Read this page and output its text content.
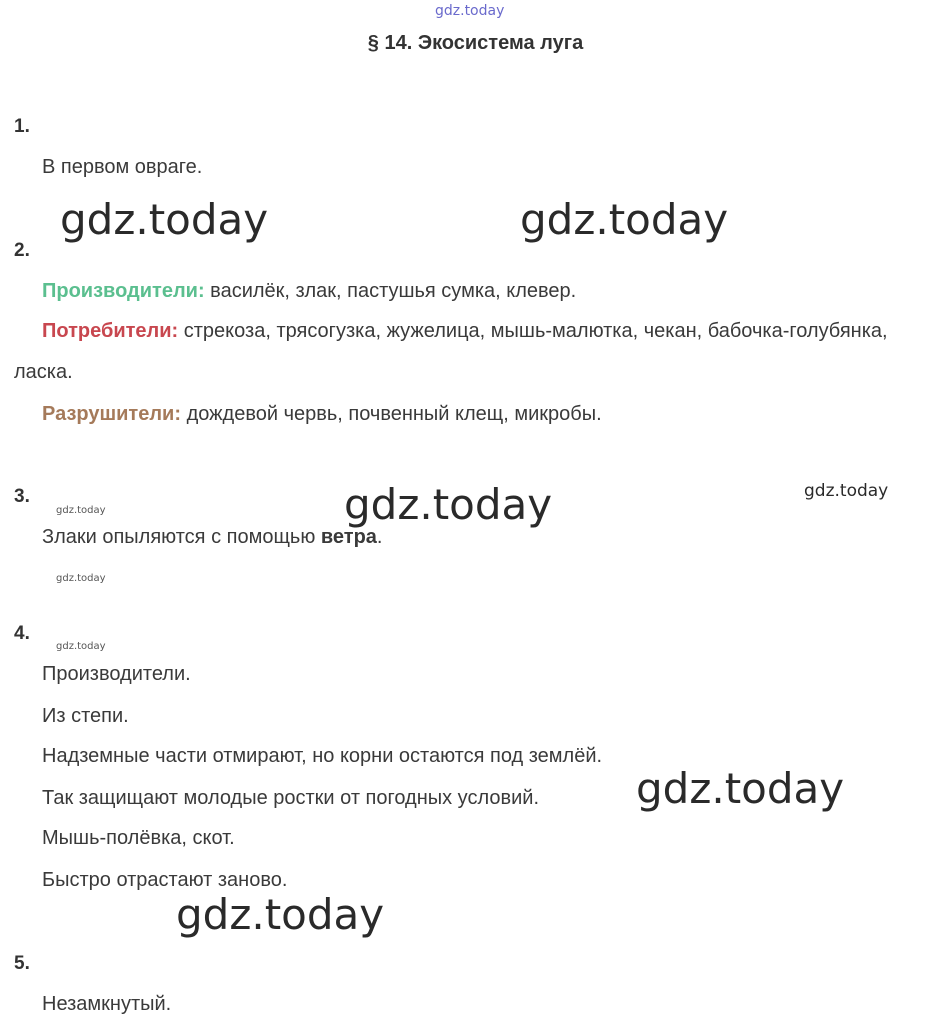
gdz.today
§ 14. Экосистема луга
1.
В первом овраге.
2.
Производители: василёк, злак, пастушья сумка, клевер.
Потребители: стрекоза, трясогузка, жужелица, мышь-малютка, чекан, бабочка-голубянка, ласка.
Разрушители: дождевой червь, почвенный клещ, микробы.
3.
Злаки опыляются с помощью ветра.
4.
Производители.
Из степи.
Надземные части отмирают, но корни остаются под землёй.
Так защищают молодые ростки от погодных условий.
Мышь-полёвка, скот.
Быстро отрастают заново.
5.
Незамкнутый.
gdz.today	gdz.today
gdz.today	gdz.today
gdz.today
gdz.today
gdz.today
gdz.today
gdz.today
